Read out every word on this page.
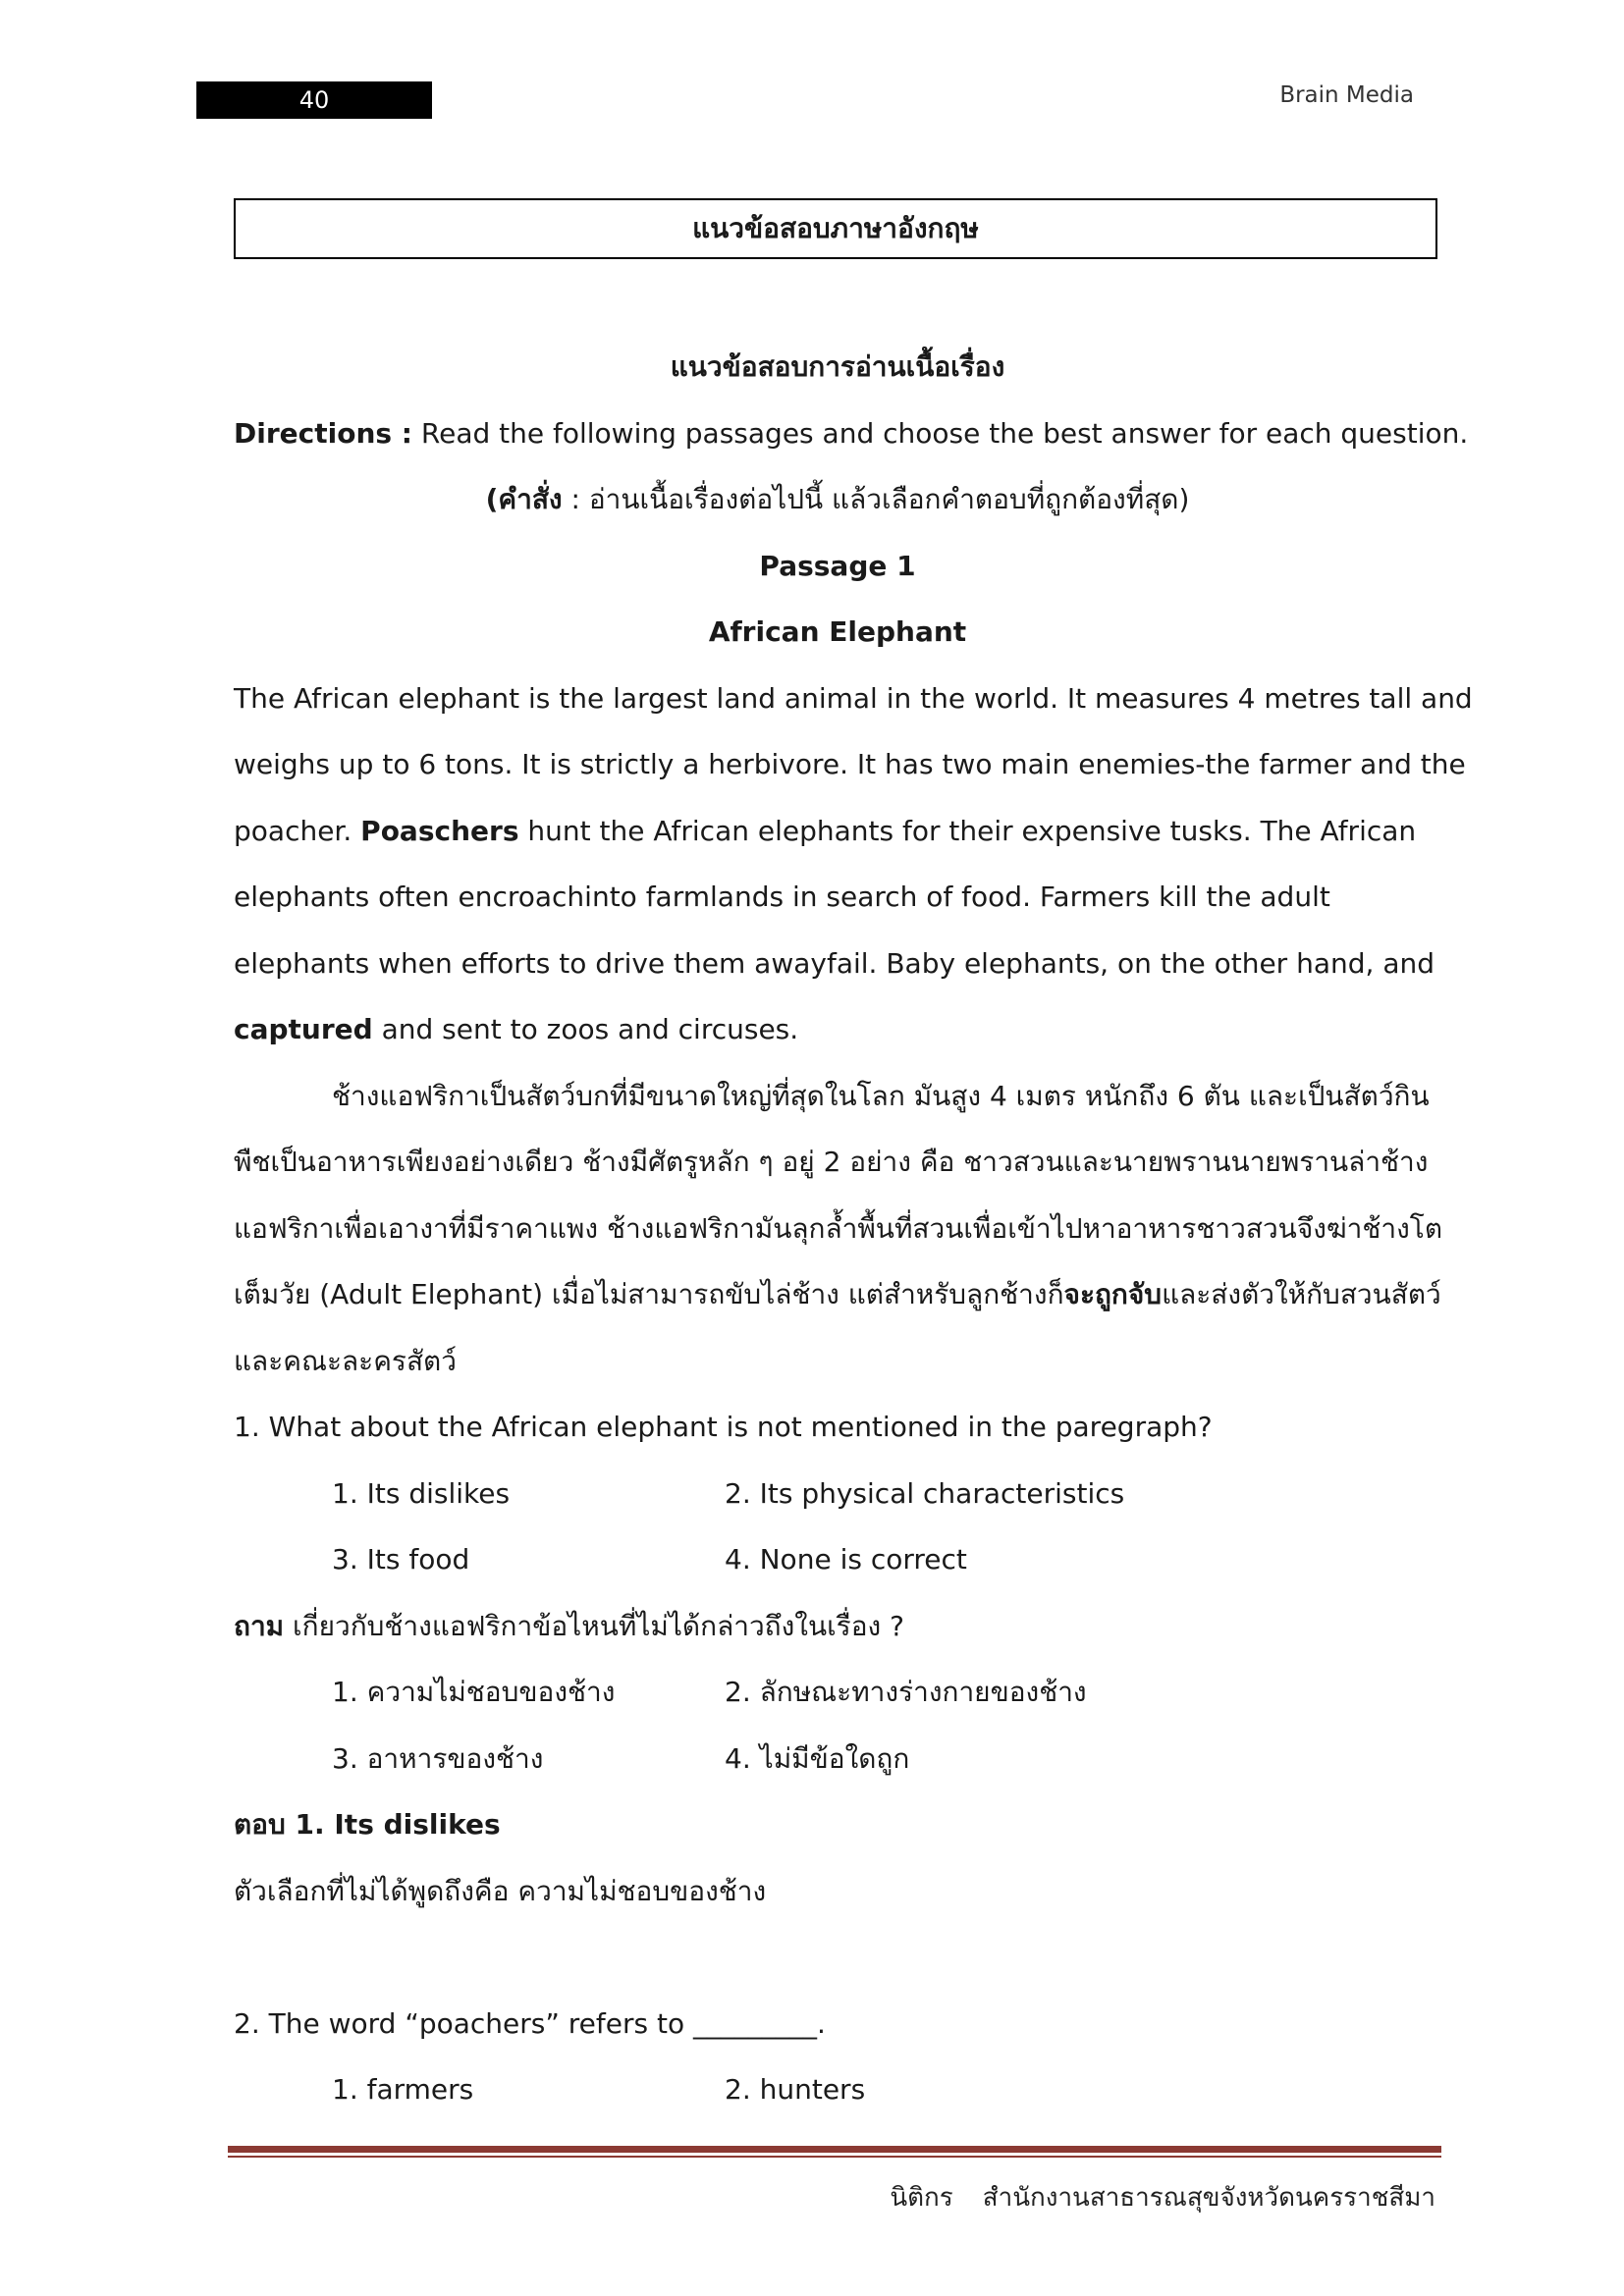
40	Brain Media
แนวข้อสอบภาษาอังกฤษ
แนวข้อสอบการอ่านเนื้อเรื่อง
Directions : Read the following passages and choose the best answer for each question.
(คำสั่ง : อ่านเนื้อเรื่องต่อไปนี้ แล้วเลือกคำตอบที่ถูกต้องที่สุด)
Passage 1
African Elephant
The African elephant is the largest land animal in the world. It measures 4 metres tall and
weighs up to 6 tons. It is strictly a herbivore. It has two main enemies-the farmer and the
poacher. Poaschers hunt the African elephants for their expensive tusks. The African
elephants often encroachinto farmlands in search of food. Farmers kill the adult
elephants when efforts to drive them awayfail. Baby elephants, on the other hand, and
captured and sent to zoos and circuses.
ช้างแอฟริกาเป็นสัตว์บกที่มีขนาดใหญ่ที่สุดในโลก มันสูง 4 เมตร หนักถึง 6 ตัน และเป็นสัตว์กิน
พืชเป็นอาหารเพียงอย่างเดียว ช้างมีศัตรูหลัก ๆ อยู่ 2 อย่าง คือ ชาวสวนและนายพรานนายพรานล่าช้าง
แอฟริกาเพื่อเอางาที่มีราคาแพง ช้างแอฟริกามันลุกล้ำพื้นที่สวนเพื่อเข้าไปหาอาหารชาวสวนจึงฆ่าช้างโต
เต็มวัย (Adult Elephant) เมื่อไม่สามารถขับไล่ช้าง แต่สำหรับลูกช้างก็จะถูกจับและส่งตัวให้กับสวนสัตว์
และคณะละครสัตว์
1. What about the African elephant is not mentioned in the paregraph?
1. Its dislikes	2. Its physical characteristics
3. Its food	4. None is correct
ถาม เกี่ยวกับช้างแอฟริกาข้อไหนที่ไม่ได้กล่าวถึงในเรื่อง ?
1. ความไม่ชอบของช้าง	2. ลักษณะทางร่างกายของช้าง
3. อาหารของช้าง	4. ไม่มีข้อใดถูก
ตอบ 1. Its dislikes
ตัวเลือกที่ไม่ได้พูดถึงคือ ความไม่ชอบของช้าง
2. The word “poachers” refers to _________.
1. farmers	2. hunters
นิติกร สำนักงานสาธารณสุขจังหวัดนครราชสีมา
